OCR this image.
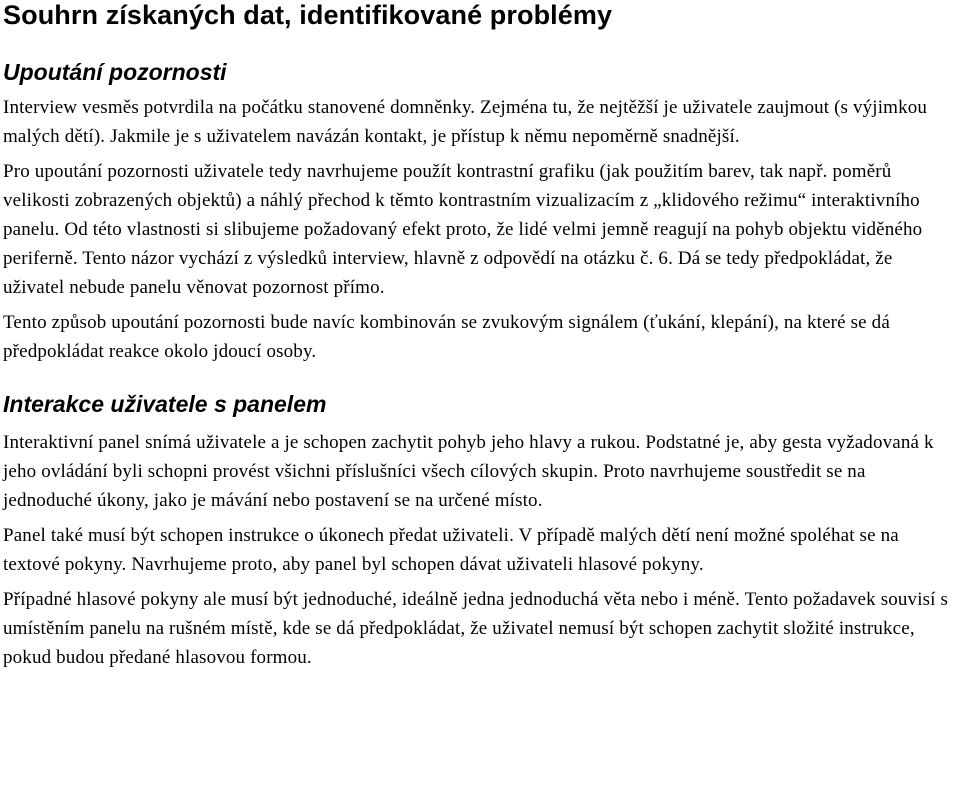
Souhrn získaných dat, identifikované problémy
Upoutání pozornosti

Interview vesměs potvrdila na počátku stanovené domněnky. Zejména tu, že nejtěžší je uživatele zaujmout (s výjimkou malých dětí). Jakmile je s uživatelem navázán kontakt, je přístup k němu nepoměrně snadnější.

Pro upoutání pozornosti uživatele tedy navrhujeme použít kontrastní grafiku (jak použitím barev, tak např. poměrů velikosti zobrazených objektů) a náhlý přechod k těmto kontrastním vizualizacím z „klidového režimu“ interaktivního panelu. Od této vlastnosti si slibujeme požadovaný efekt proto, že lidé velmi jemně reagují na pohyb objektu viděného periferně. Tento názor vychází z výsledků interview, hlavně z odpovědí na otázku č. 6. Dá se tedy předpokládat, že uživatel nebude panelu věnovat pozornost přímo.

Tento způsob upoutání pozornosti bude navíc kombinován se zvukovým signálem (ťukání, klepání), na které se dá předpokládat reakce okolo jdoucí osoby.

Interakce uživatele s panelem

Interaktivní panel snímá uživatele a je schopen zachytit pohyb jeho hlavy a rukou. Podstatné je, aby gesta vyžadovaná k jeho ovládání byli schopni provést všichni příslušníci všech cílových skupin. Proto navrhujeme soustředit se na jednoduché úkony, jako je mávání nebo postavení se na určené místo.

Panel také musí být schopen instrukce o úkonech předat uživateli. V případě malých dětí není možné spoléhat se na textové pokyny. Navrhujeme proto, aby panel byl schopen dávat uživateli hlasové pokyny.

Případné hlasové pokyny ale musí být jednoduché, ideálně jedna jednoduchá věta nebo i méně. Tento požadavek souvisí s umístěním panelu na rušném místě, kde se dá předpokládat, že uživatel nemusí být schopen zachytit složité instrukce, pokud budou předané hlasovou formou.
